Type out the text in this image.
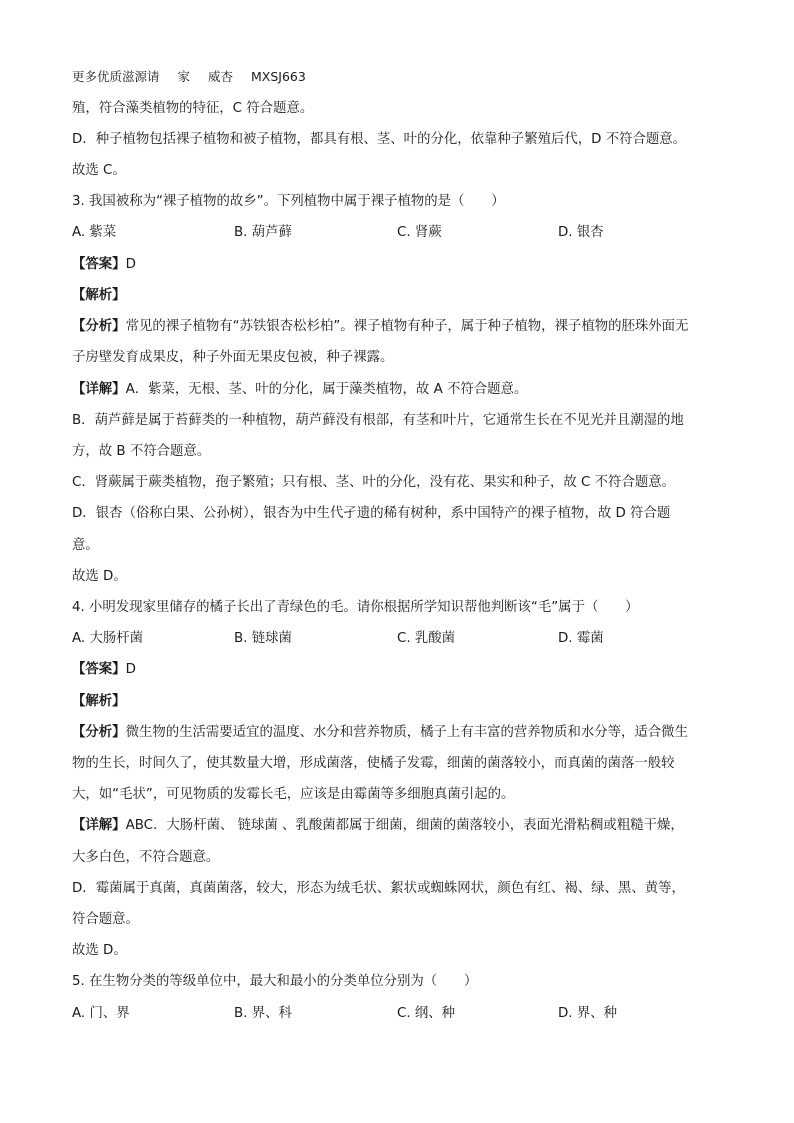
更多优质滋源请 家 威杏 MXSJ663
殖，符合藻类植物的特征，C 符合题意。
D．种子植物包括裸子植物和被子植物，都具有根、茎、叶的分化，依靠种子繁殖后代，D 不符合题意。
故选 C。
3. 我国被称为“裸子植物的故乡”。下列植物中属于裸子植物的是（　　）
A. 紫菜	B. 葫芦藓	C. 肾蕨	D. 银杏
【答案】D
【解析】
【分析】常见的裸子植物有“苏铁银杏松杉柏”。裸子植物有种子，属于种子植物，裸子植物的胚珠外面无
子房壁发育成果皮，种子外面无果皮包被，种子裸露。
【详解】A．紫菜，无根、茎、叶的分化，属于藻类植物，故 A 不符合题意。
B．葫芦藓是属于苔藓类的一种植物，葫芦藓没有根部，有茎和叶片，它通常生长在不见光并且潮湿的地
方，故 B 不符合题意。
C．肾蕨属于蕨类植物，孢子繁殖；只有根、茎、叶的分化，没有花、果实和种子，故 C 不符合题意。
D．银杏（俗称白果、公孙树），银杏为中生代孑遗的稀有树种，系中国特产的裸子植物，故 D 符合题
意。
故选 D。
4. 小明发现家里储存的橘子长出了青绿色的毛。请你根据所学知识帮他判断该“毛”属于（　　）
A. 大肠杆菌	B. 链球菌	C. 乳酸菌	D. 霉菌
【答案】D
【解析】
【分析】微生物的生活需要适宜的温度、水分和营养物质，橘子上有丰富的营养物质和水分等，适合微生
物的生长，时间久了，使其数量大增，形成菌落，使橘子发霉，细菌的菌落较小，而真菌的菌落一般较
大，如“毛状”，可见物质的发霉长毛，应该是由霉菌等多细胞真菌引起的。
【详解】ABC．大肠杆菌、 链球菌 、乳酸菌都属于细菌，细菌的菌落较小，表面光滑粘稠或粗糙干燥，
大多白色，不符合题意。
D．霉菌属于真菌，真菌菌落，较大，形态为绒毛状、絮状或蜘蛛网状，颜色有红、褐、绿、黑、黄等，
符合题意。
故选 D。
5. 在生物分类的等级单位中，最大和最小的分类单位分别为（　　）
A. 门、界	B. 界、科	C. 纲、种	D. 界、种
